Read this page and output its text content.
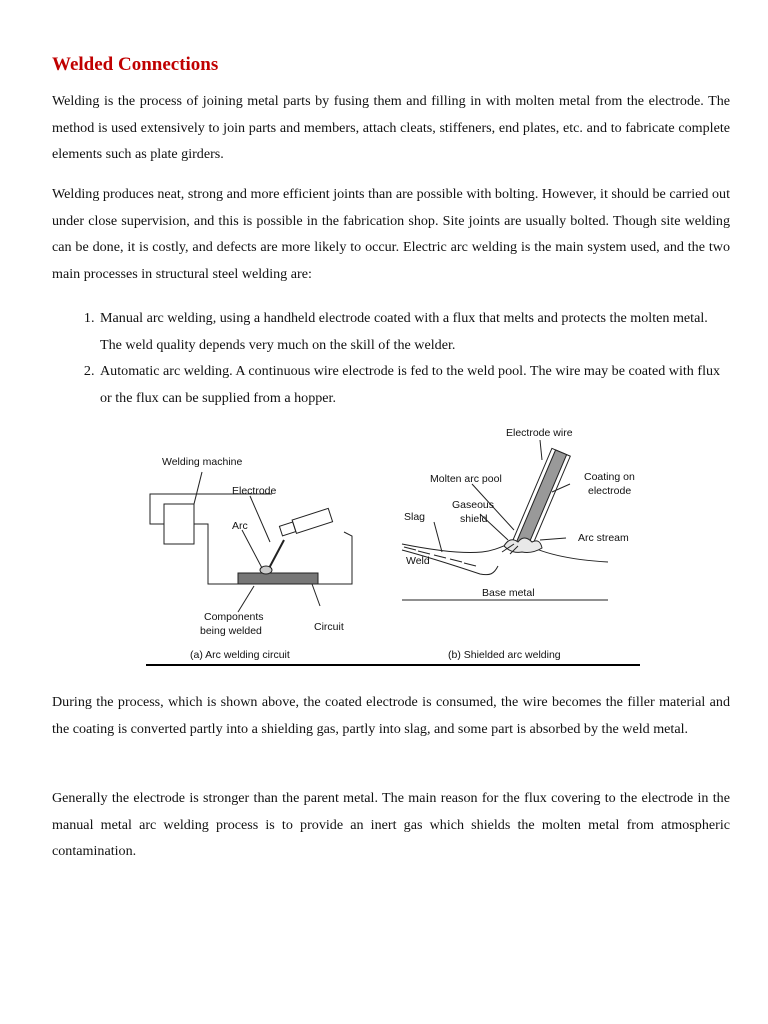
Welded Connections

Welding is the process of joining metal parts by fusing them and filling in with molten metal from the electrode. The method is used extensively to join parts and members, attach cleats, stiffeners, end plates, etc. and to fabricate complete elements such as plate girders.

Welding produces neat, strong and more efficient joints than are possible with bolting. However, it should be carried out under close supervision, and this is possible in the fabrication shop. Site joints are usually bolted. Though site welding can be done, it is costly, and defects are more likely to occur. Electric arc welding is the main system used, and the two main processes in structural steel welding are:

1. Manual arc welding, using a handheld electrode coated with a flux that melts and protects the molten metal. The weld quality depends very much on the skill of the welder.
2. Automatic arc welding. A continuous wire electrode is fed to the weld pool. The wire may be coated with flux or the flux can be supplied from a hopper.
Welding machine
Electrode
Arc
Components
being welded	Circuit
(a) Arc welding circuit
Electrode wire
Molten arc pool	Coating on
electrode
Gaseous
shield
Slag
Arc stream
Weld
Base metal
(b) Shielded arc welding

During the process, which is shown above, the coated electrode is consumed, the wire becomes the filler material and the coating is converted partly into a shielding gas, partly into slag, and some part is absorbed by the weld metal.

Generally the electrode is stronger than the parent metal. The main reason for the flux covering to the electrode in the manual metal arc welding process is to provide an inert gas which shields the molten metal from atmospheric contamination.
